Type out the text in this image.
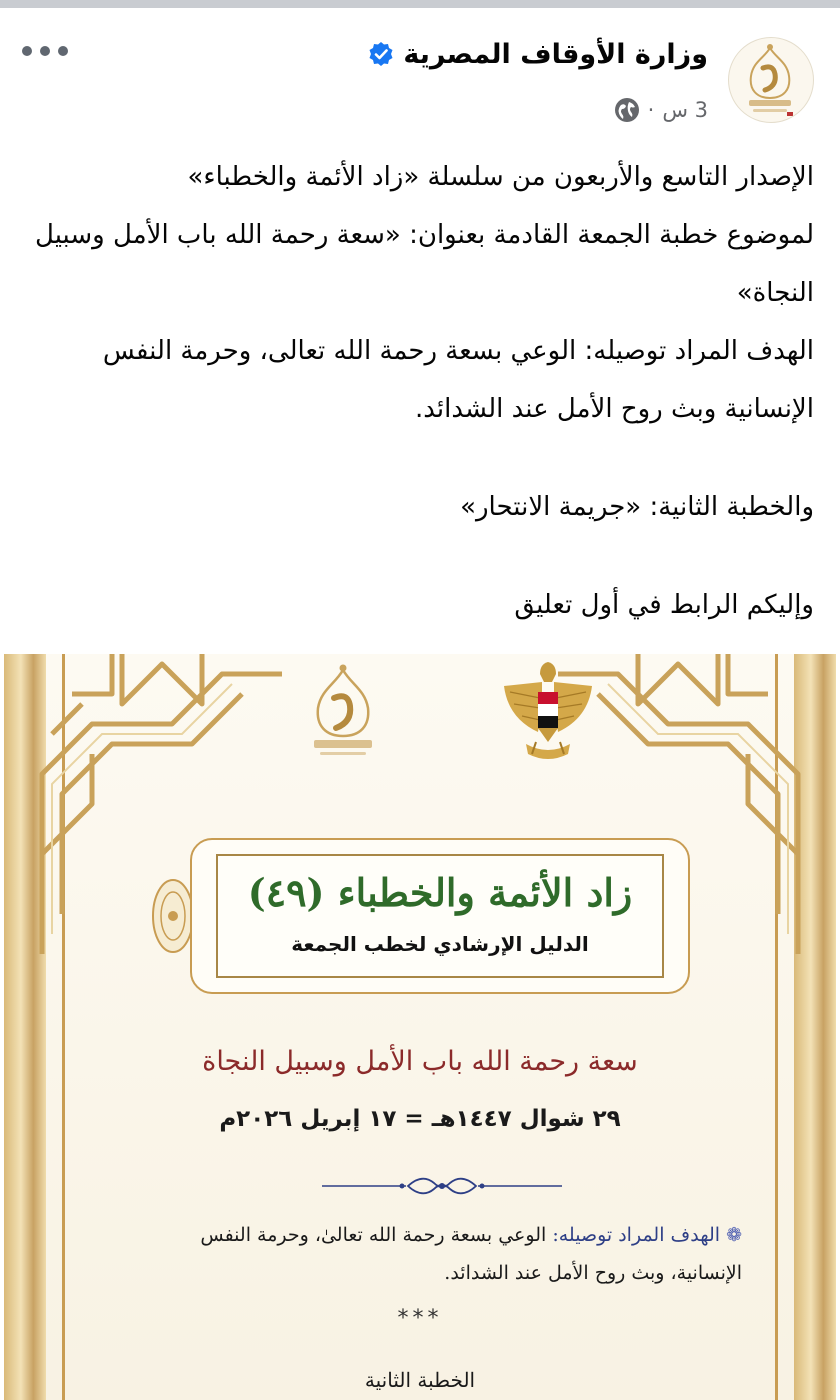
وزارة الأوقاف المصرية
3 س
·

الإصدار التاسع والأربعون من سلسلة «زاد الأئمة والخطباء»

لموضوع خطبة الجمعة القادمة بعنوان: «سعة رحمة الله باب الأمل وسبيل النجاة»

الهدف المراد توصيله: الوعي بسعة رحمة الله تعالى، وحرمة النفس الإنسانية وبث روح الأمل عند الشدائد.

والخطبة الثانية: «جريمة الانتحار»

وإليكم الرابط في أول تعليق

زاد الأئمة والخطباء (٤٩)
الدليل الإرشادي لخطب الجمعة
سعة رحمة الله باب الأمل وسبيل النجاة
٢٩ شوال ١٤٤٧هـ = ١٧ إبريل ٢٠٢٦م
❁ الهدف المراد توصيله: الوعي بسعة رحمة الله تعالىٰ، وحرمة النفس الإنسانية، وبث روح الأمل عند الشدائد.
***
الخطبة الثانية
